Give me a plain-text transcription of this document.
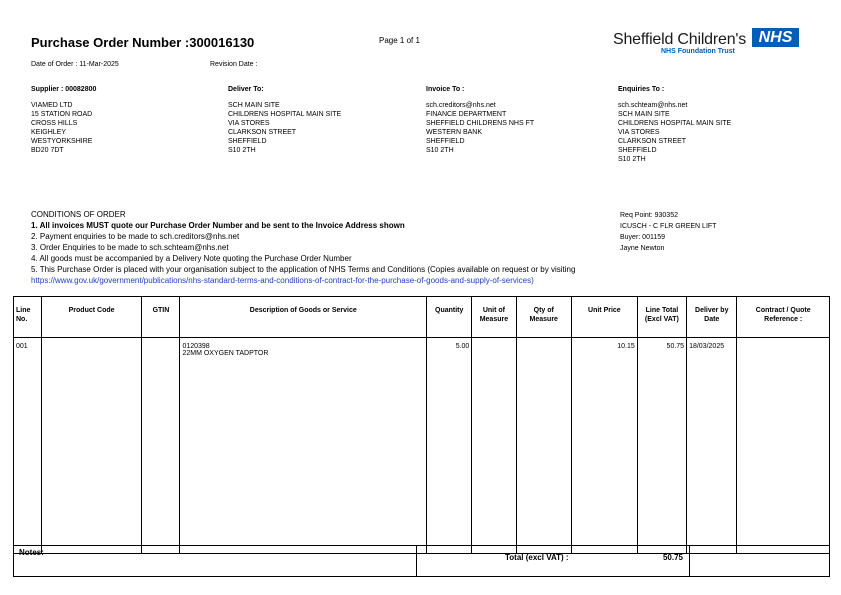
Purchase Order Number :300016130	Page 1 of 1
Date of Order : 11-Mar-2025	Revision Date :
Sheffield Children's NHS
NHS Foundation Trust

Supplier : 00082800

VIAMED LTD

15 STATION ROAD

CROSS HILLS

KEIGHLEY

WESTYORKSHIRE

BD20 7DT

Deliver To:

SCH MAIN SITE

CHILDRENS HOSPITAL MAIN SITE

VIA STORES

CLARKSON STREET

SHEFFIELD

S10 2TH

Invoice To :

sch.creditors@nhs.net

FINANCE DEPARTMENT

SHEFFIELD CHILDRENS NHS FT

WESTERN BANK

SHEFFIELD

S10 2TH

Enquiries To :

sch.schteam@nhs.net

SCH MAIN SITE

CHILDRENS HOSPITAL MAIN SITE

VIA STORES

CLARKSON STREET

SHEFFIELD

S10 2TH

CONDITIONS OF ORDER

1. All invoices MUST quote our Purchase Order Number and be sent to the Invoice Address shown

2. Payment enquiries to be made to sch.creditors@nhs.net

3. Order Enquiries to be made to sch.schteam@nhs.net

4. All goods must be accompanied by a Delivery Note quoting the Purchase Order Number

5. This Purchase Order is placed with your organisation subject to the application of NHS Terms and Conditions (Copies available on request or by visiting

https://www.gov.uk/government/publications/nhs-standard-terms-and-conditions-of-contract-for-the-purchase-of-goods-and-supply-of-services)

Req Point: 930352

ICUSCH - C FLR GREEN LIFT

Buyer: 001159

Jayne Newton

Line No.	Product Code	GTIN	Description of Goods or Service	Quantity	Unit of Measure	Qty of Measure	Unit Price	Line Total (Excl VAT)	Deliver by Date	Contract / Quote Reference :
001			0120398
22MM OXYGEN TADPTOR	5.00			10.15	50.75	18/03/2025	
Notes:
Total (excl VAT) :	50.75
